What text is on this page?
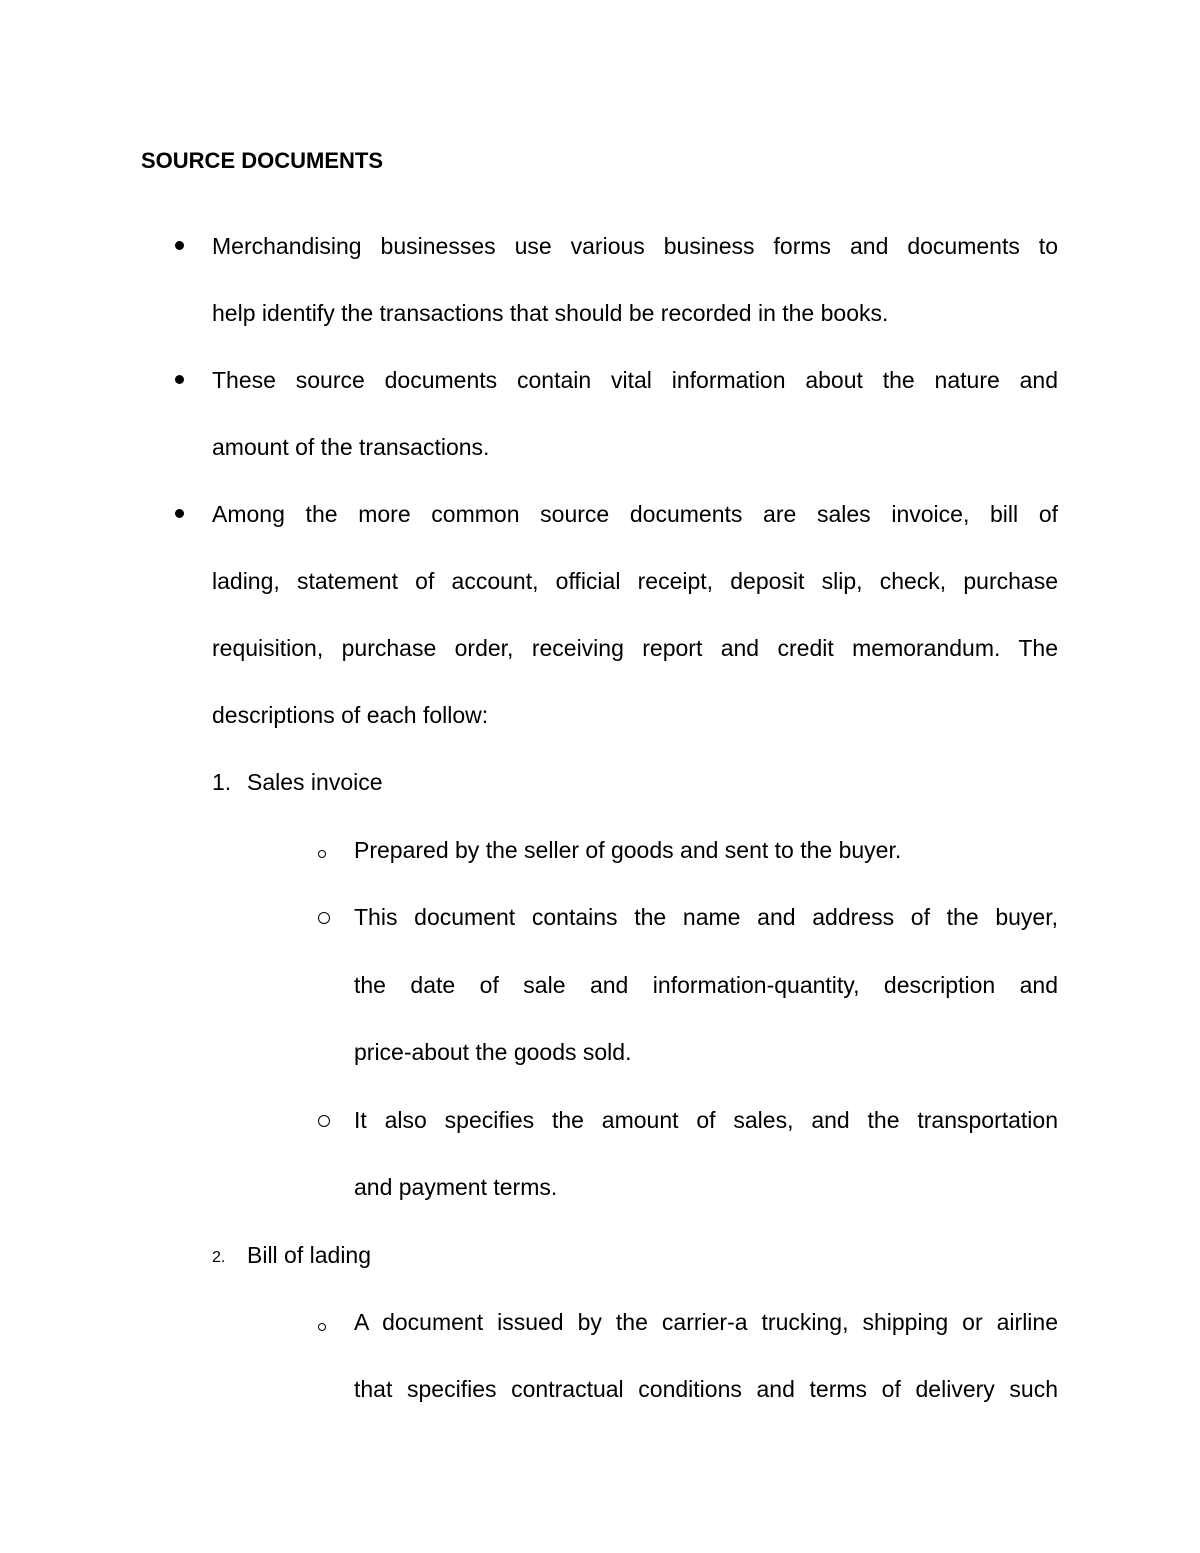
SOURCE DOCUMENTS
Merchandising businesses use various business forms and documents to
help identify the transactions that should be recorded in the books.
These source documents contain vital information about the nature and
amount of the transactions.
Among the more common source documents are sales invoice, bill of
lading, statement of account, official receipt, deposit slip, check, purchase
requisition, purchase order, receiving report and credit memorandum. The
descriptions of each follow:
1. Sales invoice
Prepared by the seller of goods and sent to the buyer.
This document contains the name and address of the buyer,
the date of sale and information-quantity, description and
price-about the goods sold.
It also specifies the amount of sales, and the transportation
and payment terms.
2. Bill of lading
A document issued by the carrier-a trucking, shipping or airline
that specifies contractual conditions and terms of delivery such
